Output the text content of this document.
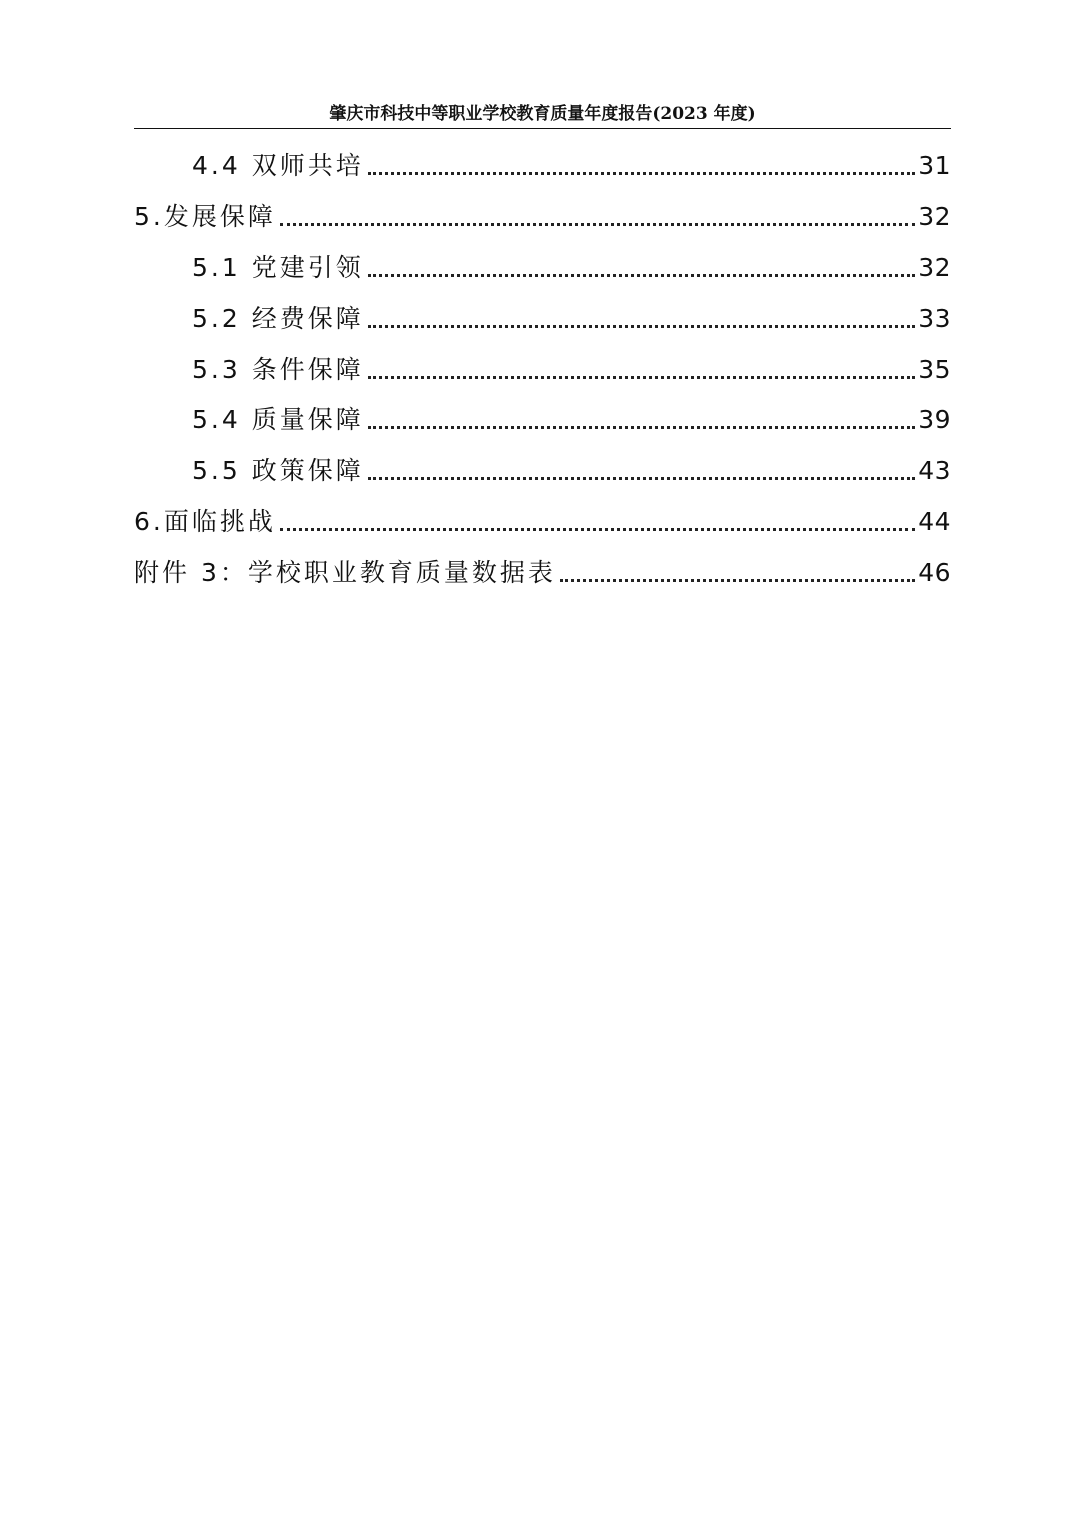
肇庆市科技中等职业学校教育质量年度报告(2023 年度)
4.4 双师共培	31
5.发展保障	32
5.1 党建引领	32
5.2 经费保障	33
5.3 条件保障	35
5.4 质量保障	39
5.5 政策保障	43
6.面临挑战	44
附件 3：学校职业教育质量数据表	46
